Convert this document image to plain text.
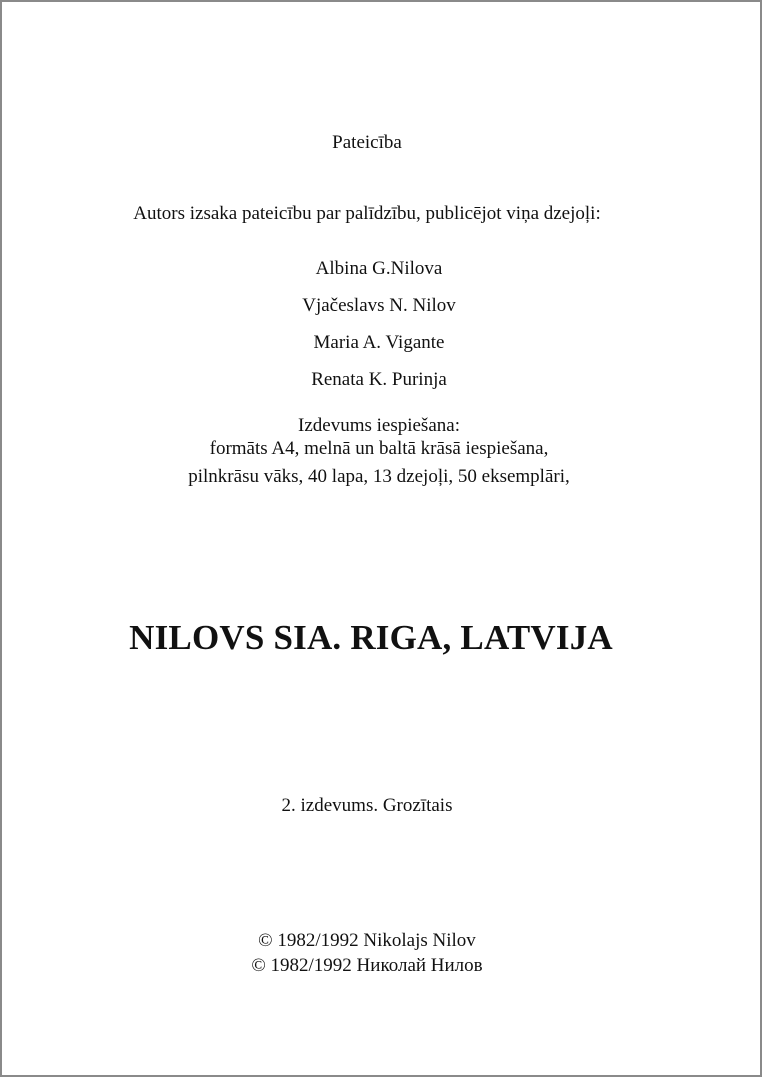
Pateicība
Autors izsaka pateicību par palīdzību, publicējot viņa dzejoļi:
Albina G.Nilova
Vjačeslavs N. Nilov
Maria A. Vigante
Renata K. Purinja
Izdevums iespiešana:
formāts A4, melnā un baltā krāsā iespiešana,
pilnkrāsu vāks, 40 lapa, 13 dzejoļi, 50 eksemplāri,
NILOVS SIA. RIGA, LATVIJA
2. izdevums. Grozītais
© 1982/1992 Nikolajs Nilov
© 1982/1992 Николай Нилов
